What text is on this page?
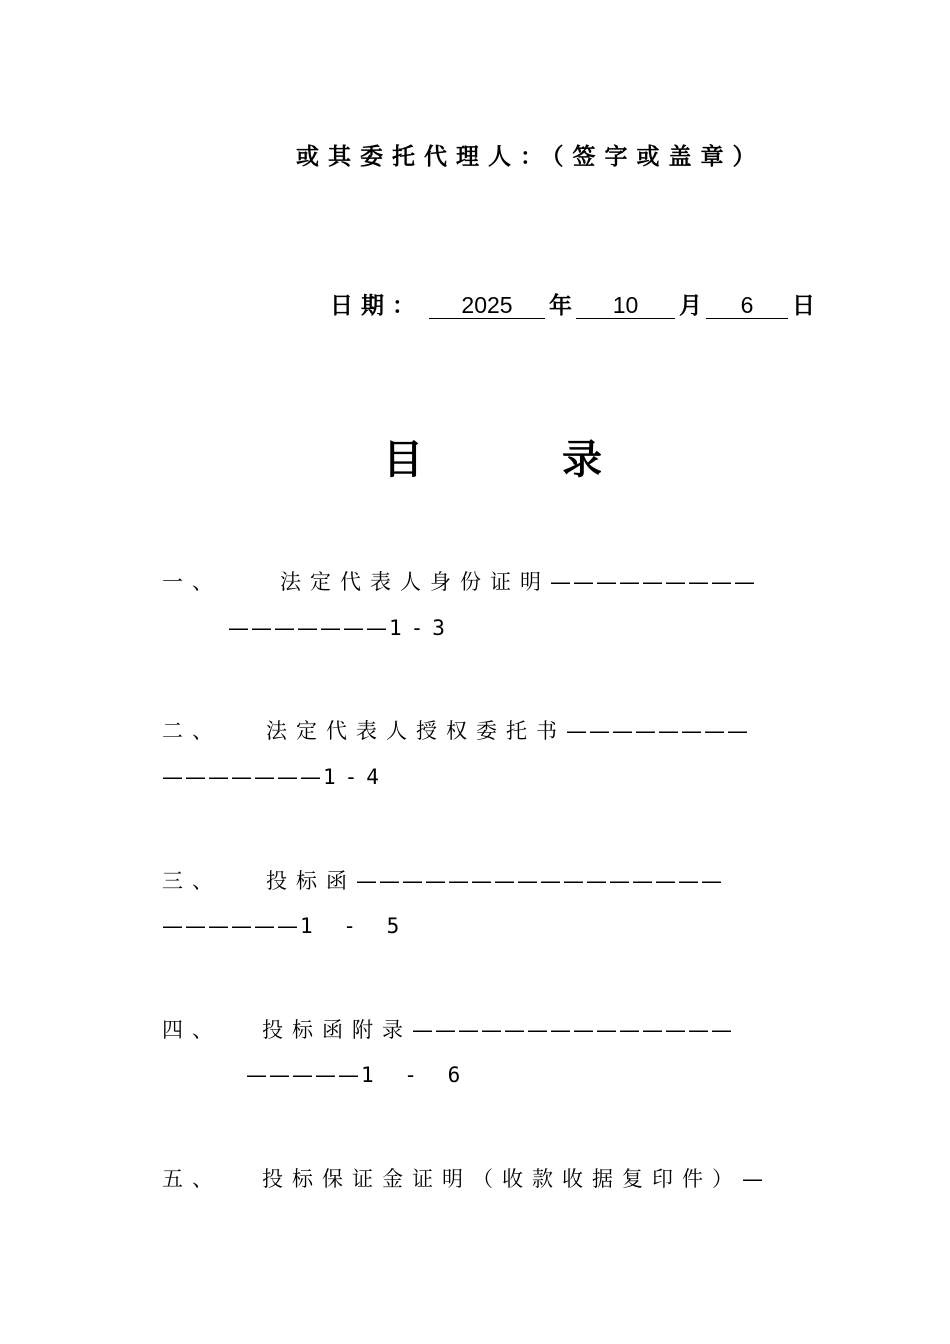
或其委托代理人：（签字或盖章）
日期：	2025	年	10	月	6	日
目	录
一、	法定代表人身份证明—————————
———————1-3
二、 法定代表人授权委托书————————
———————1-4
三、 投标函————————————————
——————1 - 5
四、 投标函附录——————————————
—————1 - 6
五、 投标保证金证明（收款收据复印件）—
